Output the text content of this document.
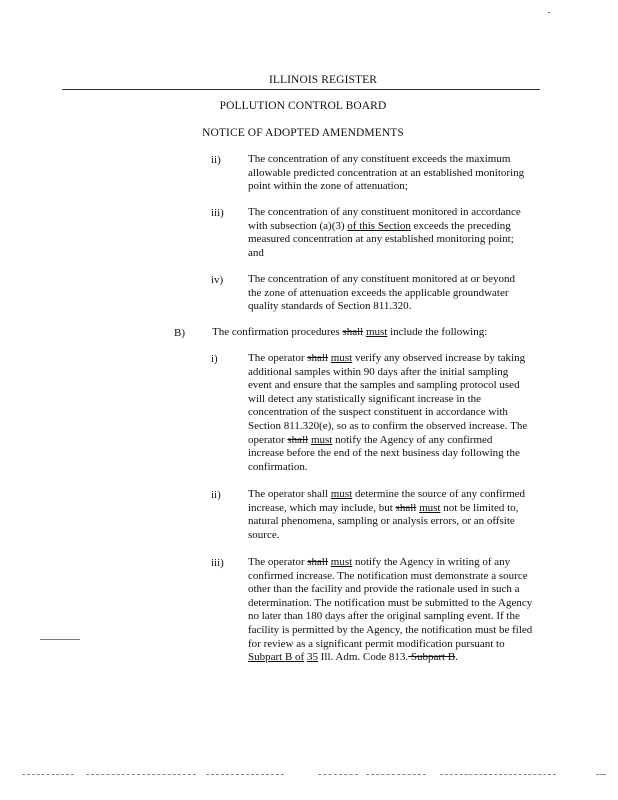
ILLINOIS REGISTER
POLLUTION CONTROL BOARD
NOTICE OF ADOPTED AMENDMENTS
ii)	The concentration of any constituent exceeds the maximum allowable predicted concentration at an established monitoring point within the zone of attenuation;
iii)	The concentration of any constituent monitored in accordance with subsection (a)(3) of this Section exceeds the preceding measured concentration at any established monitoring point; and
iv)	The concentration of any constituent monitored at or beyond the zone of attenuation exceeds the applicable groundwater quality standards of Section 811.320.
B)	The confirmation procedures shall must include the following:
i)	The operator shall must verify any observed increase by taking additional samples within 90 days after the initial sampling event and ensure that the samples and sampling protocol used will detect any statistically significant increase in the concentration of the suspect constituent in accordance with Section 811.320(e), so as to confirm the observed increase. The operator shall must notify the Agency of any confirmed increase before the end of the next business day following the confirmation.
ii)	The operator shall must determine the source of any confirmed increase, which may include, but shall must not be limited to, natural phenomena, sampling or analysis errors, or an offsite source.
iii)	The operator shall must notify the Agency in writing of any confirmed increase. The notification must demonstrate a source other than the facility and provide the rationale used in such a determination. The notification must be submitted to the Agency no later than 180 days after the original sampling event. If the facility is permitted by the Agency, the notification must be filed for review as a significant permit modification pursuant to Subpart B of 35 Ill. Adm. Code 813. Subpart B.
